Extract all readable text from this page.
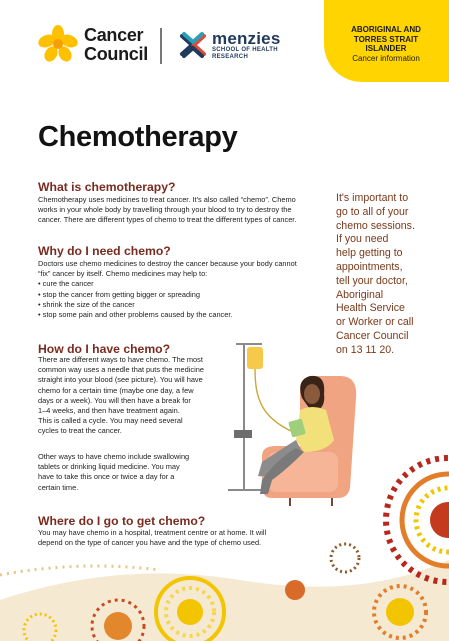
Cancer
Council
menzies
SCHOOL OF HEALTH
RESEARCH
ABORIGINAL AND
TORRES STRAIT
ISLANDER
Cancer information
Chemotherapy
What is chemotherapy?
Chemotherapy uses medicines to treat cancer. It's also called “chemo”. Chemo
works in your whole body by travelling through your blood to try to destroy the
cancer. There are different types of chemo to treat the different types of cancer.
Why do I need chemo?
Doctors use chemo medicines to destroy the cancer because your body cannot
“fix” cancer by itself. Chemo medicines may help to:
• cure the cancer
• stop the cancer from getting bigger or spreading
• shrink the size of the cancer
• stop some pain and other problems caused by the cancer.
How do I have chemo?
There are different ways to have chemo. The most
common way uses a needle that puts the medicine
straight into your blood (see picture). You will have
chemo for a certain time (maybe one day, a few
days or a week). You will then have a break for
1–4 weeks, and then have treatment again.
This is called a cycle. You may need several
cycles to treat the cancer.
Other ways to have chemo include swallowing
tablets or drinking liquid medicine. You may
have to take this once or twice a day for a
certain time.
Where do I go to get chemo?
You may have chemo in a hospital, treatment centre or at home. It will
depend on the type of cancer you have and the type of chemo used.
It's important to
go to all of your
chemo sessions.
If you need
help getting to
appointments,
tell your doctor,
Aboriginal
Health Service
or Worker or call
Cancer Council
on 13 11 20.
